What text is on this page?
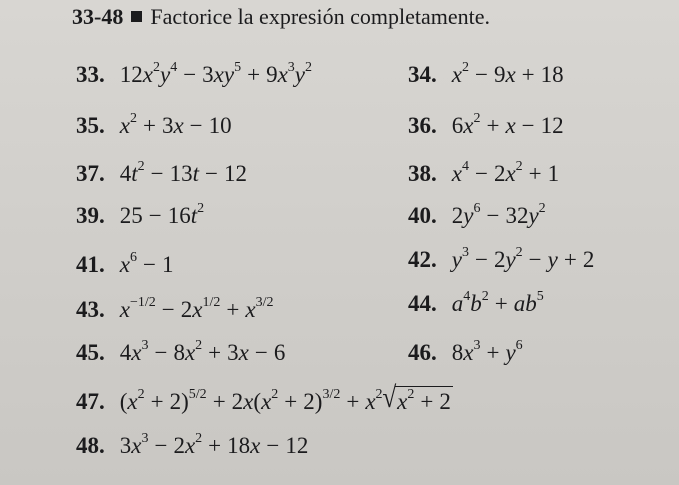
33-48 Factorice la expresión completamente.
33. $12x^2y^4 - 3xy^5 + 9x^3y^2$	34. $x^2 - 9x + 18$
35. $x^2 + 3x - 10$	36. $6x^2 + x - 12$
37. $4t^2 - 13t - 12$	38. $x^4 - 2x^2 + 1$
39. $25 - 16t^2$	40. $2y^6 - 32y^2$
41. $x^6 - 1$	42. $y^3 - 2y^2 - y + 2$
43. $x^{-1/2} - 2x^{1/2} + x^{3/2}$	44. $a^4b^2 + ab^5$
45. $4x^3 - 8x^2 + 3x - 6$	46. $8x^3 + y^6$
47. $(x^2 + 2)^{5/2} + 2x(x^2 + 2)^{3/2} + x^2√x^2 + 2$
48. $3x^3 - 2x^2 + 18x - 12$
